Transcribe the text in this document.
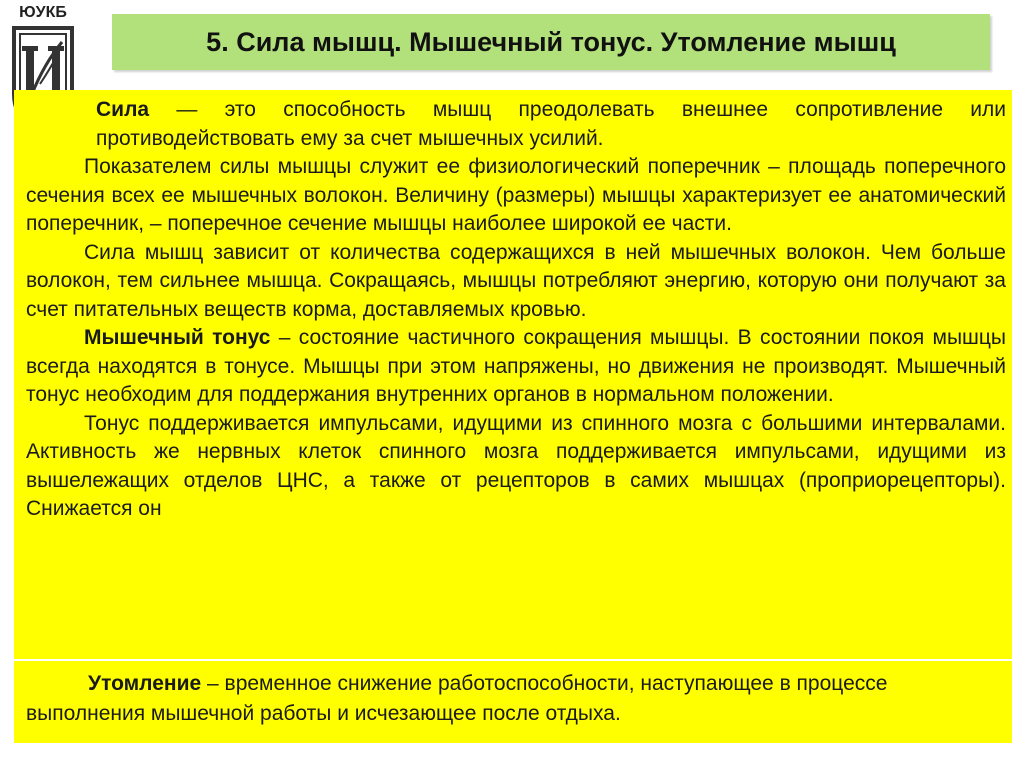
ЮУКБ
5. Сила мышц. Мышечный тонус. Утомление мышц

Сила — это способность мышц преодолевать внешнее сопротивление или противодействовать ему за счет мышечных усилий.

Показателем силы мышцы служит ее физиологический поперечник – площадь поперечного сечения всех ее мышечных волокон. Величину (размеры) мышцы характеризует ее анатомический поперечник, – поперечное сечение мышцы наиболее широкой ее части.

Сила мышц зависит от количества содержащихся в ней мышечных волокон. Чем больше волокон, тем сильнее мышца. Сокращаясь, мышцы потребляют энергию, которую они получают за счет питательных веществ корма, доставляемых кровью.

Мышечный тонус – состояние частичного сокращения мышцы. В состоянии покоя мышцы всегда находятся в тонусе. Мышцы при этом напряжены, но движения не производят. Мышечный тонус необходим для поддержания внутренних органов в нормальном положении.

Тонус поддерживается импульсами, идущими из спинного мозга с большими интервалами. Активность же нервных клеток спинного мозга поддерживается импульсами, идущими из вышележащих отделов ЦНС, а также от рецепторов в самих мышцах (проприорецепторы). Снижается он

Утомление – временное снижение работоспособности, наступающее в процессе выполнения мышечной работы и исчезающее после отдыха.
